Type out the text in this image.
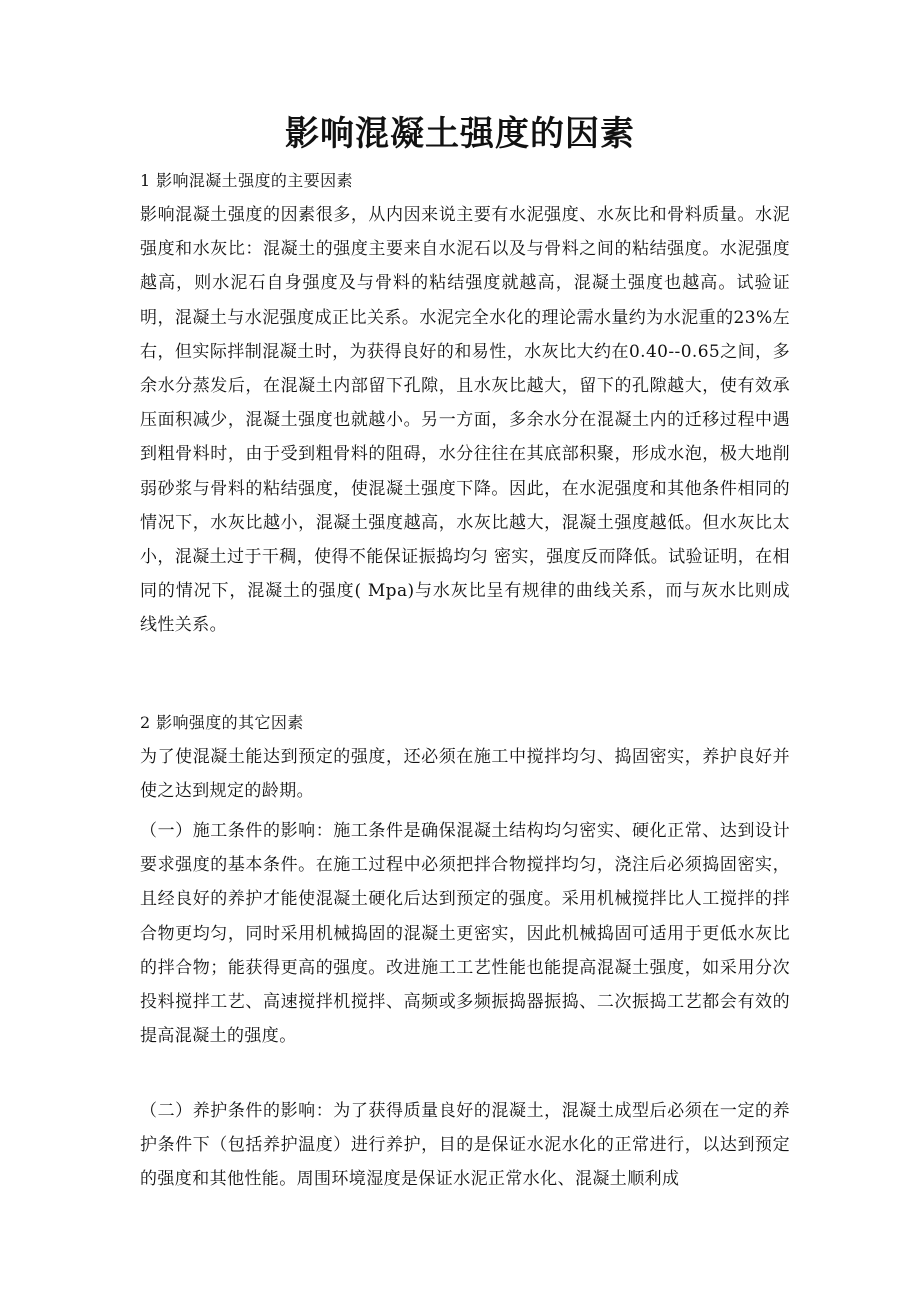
影响混凝土强度的因素

1 影响混凝土强度的主要因素

影响混凝土强度的因素很多，从内因来说主要有水泥强度、水灰比和骨料质量。水泥强度和水灰比：混凝土的强度主要来自水泥石以及与骨料之间的粘结强度。水泥强度越高，则水泥石自身强度及与骨料的粘结强度就越高，混凝土强度也越高。试验证明，混凝土与水泥强度成正比关系。水泥完全水化的理论需水量约为水泥重的23%左右，但实际拌制混凝土时，为获得良好的和易性，水灰比大约在0.40--0.65之间，多余水分蒸发后，在混凝土内部留下孔隙，且水灰比越大，留下的孔隙越大，使有效承压面积减少，混凝土强度也就越小。另一方面，多余水分在混凝土内的迁移过程中遇到粗骨料时，由于受到粗骨料的阻碍，水分往往在其底部积聚，形成水泡，极大地削弱砂浆与骨料的粘结强度，使混凝土强度下降。因此，在水泥强度和其他条件相同的情况下，水灰比越小，混凝土强度越高，水灰比越大，混凝土强度越低。但水灰比太小，混凝土过于干稠，使得不能保证振捣均匀 密实，强度反而降低。试验证明，在相同的情况下，混凝土的强度( Mpa)与水灰比呈有规律的曲线关系，而与灰水比则成线性关系。

2 影响强度的其它因素

为了使混凝土能达到预定的强度，还必须在施工中搅拌均匀、捣固密实，养护良好并使之达到规定的龄期。

（一）施工条件的影响：施工条件是确保混凝土结构均匀密实、硬化正常、达到设计要求强度的基本条件。在施工过程中必须把拌合物搅拌均匀，浇注后必须捣固密实，且经良好的养护才能使混凝土硬化后达到预定的强度。采用机械搅拌比人工搅拌的拌合物更均匀，同时采用机械捣固的混凝土更密实，因此机械捣固可适用于更低水灰比的拌合物；能获得更高的强度。改进施工工艺性能也能提高混凝土强度，如采用分次投料搅拌工艺、高速搅拌机搅拌、高频或多频振捣器振捣、二次振捣工艺都会有效的提高混凝土的强度。

（二）养护条件的影响：为了获得质量良好的混凝土，混凝土成型后必须在一定的养护条件下（包括养护温度）进行养护，目的是保证水泥水化的正常进行，以达到预定的强度和其他性能。周围环境湿度是保证水泥正常水化、混凝土顺利成
